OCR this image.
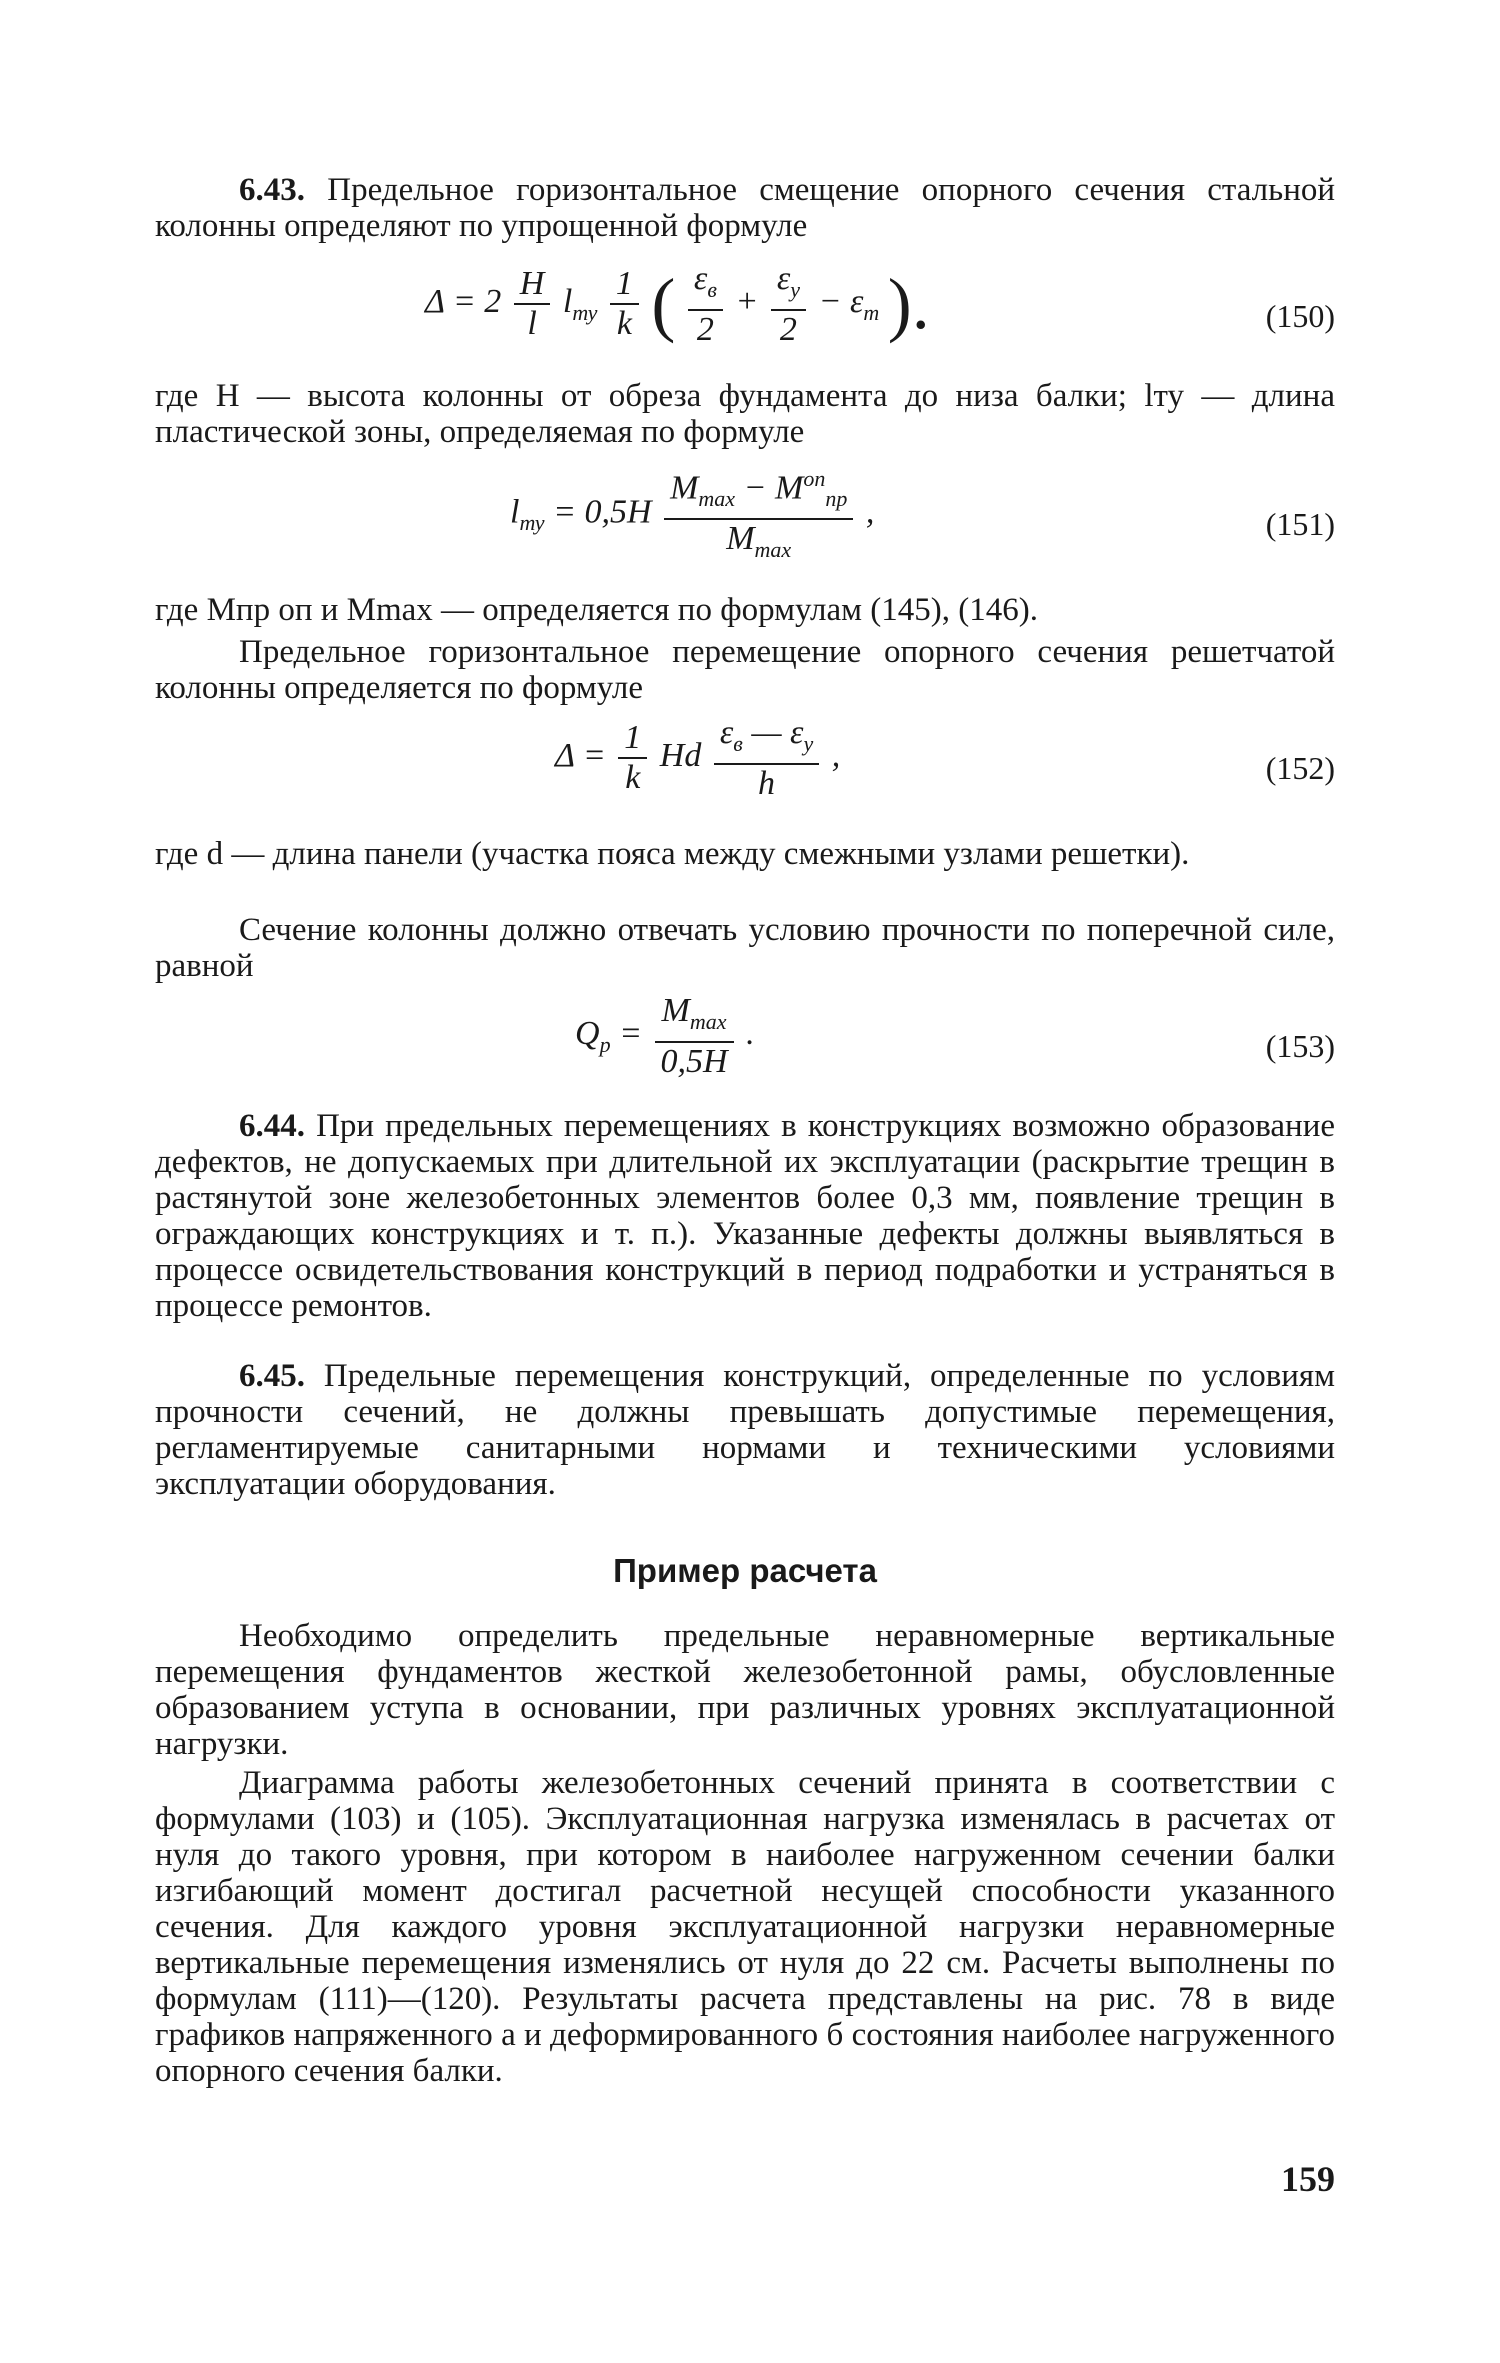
6.43. Предельное горизонтальное смещение опорного сечения стальной колонны определяют по упрощенной формуле

$\Delta = 2 \frac{H}{l} l_{ту} \frac{1}{k}$ ( $\frac{\varepsilon_в}{2} + \frac{\varepsilon_у}{2} - \varepsilon_т$ ).	(150)

где H — высота колонны от обреза фундамента до низа балки; lту — длина пластической зоны, определяемая по формуле

$l_{ту} = 0,5H \frac{M_{max} - M^{оп}_{пр}}{M_{max}}$ ,	(151)

где Mпр оп и Mmax — определяется по формулам (145), (146).

Предельное горизонтальное перемещение опорного сечения решетчатой колонны определяется по формуле

$\Delta = \frac{1}{k}$ Hd $\frac{\varepsilon_в — \varepsilon_у}{h}$ ,	(152)

где d — длина панели (участка пояса между смежными узлами решетки).

Сечение колонны должно отвечать условию прочности по поперечной силе, равной

$Q_р = \frac{M_{max}}{0,5H}$ .	(153)

6.44. При предельных перемещениях в конструкциях возможно образование дефектов, не допускаемых при длительной их эксплуатации (раскрытие трещин в растянутой зоне железобетонных элементов более 0,3 мм, появление трещин в ограждающих конструкциях и т. п.). Указанные дефекты должны выявляться в процессе освидетельствования конструкций в период подработки и устраняться в процессе ремонтов.

6.45. Предельные перемещения конструкций, определенные по условиям прочности сечений, не должны превышать допустимые перемещения, регламентируемые санитарными нормами и техническими условиями эксплуатации оборудования.

Пример расчета

Необходимо определить предельные неравномерные вертикальные перемещения фундаментов жесткой железобетонной рамы, обусловленные образованием уступа в основании, при различных уровнях эксплуатационной нагрузки.

Диаграмма работы железобетонных сечений принята в соответствии с формулами (103) и (105). Эксплуатационная нагрузка изменялась в расчетах от нуля до такого уровня, при котором в наиболее нагруженном сечении балки изгибающий момент достигал расчетной несущей способности указанного сечения. Для каждого уровня эксплуатационной нагрузки неравномерные вертикальные перемещения изменялись от нуля до 22 см. Расчеты выполнены по формулам (111)—(120). Результаты расчета представлены на рис. 78 в виде графиков напряженного а и деформированного б состояния наиболее нагруженного опорного сечения балки.

159
